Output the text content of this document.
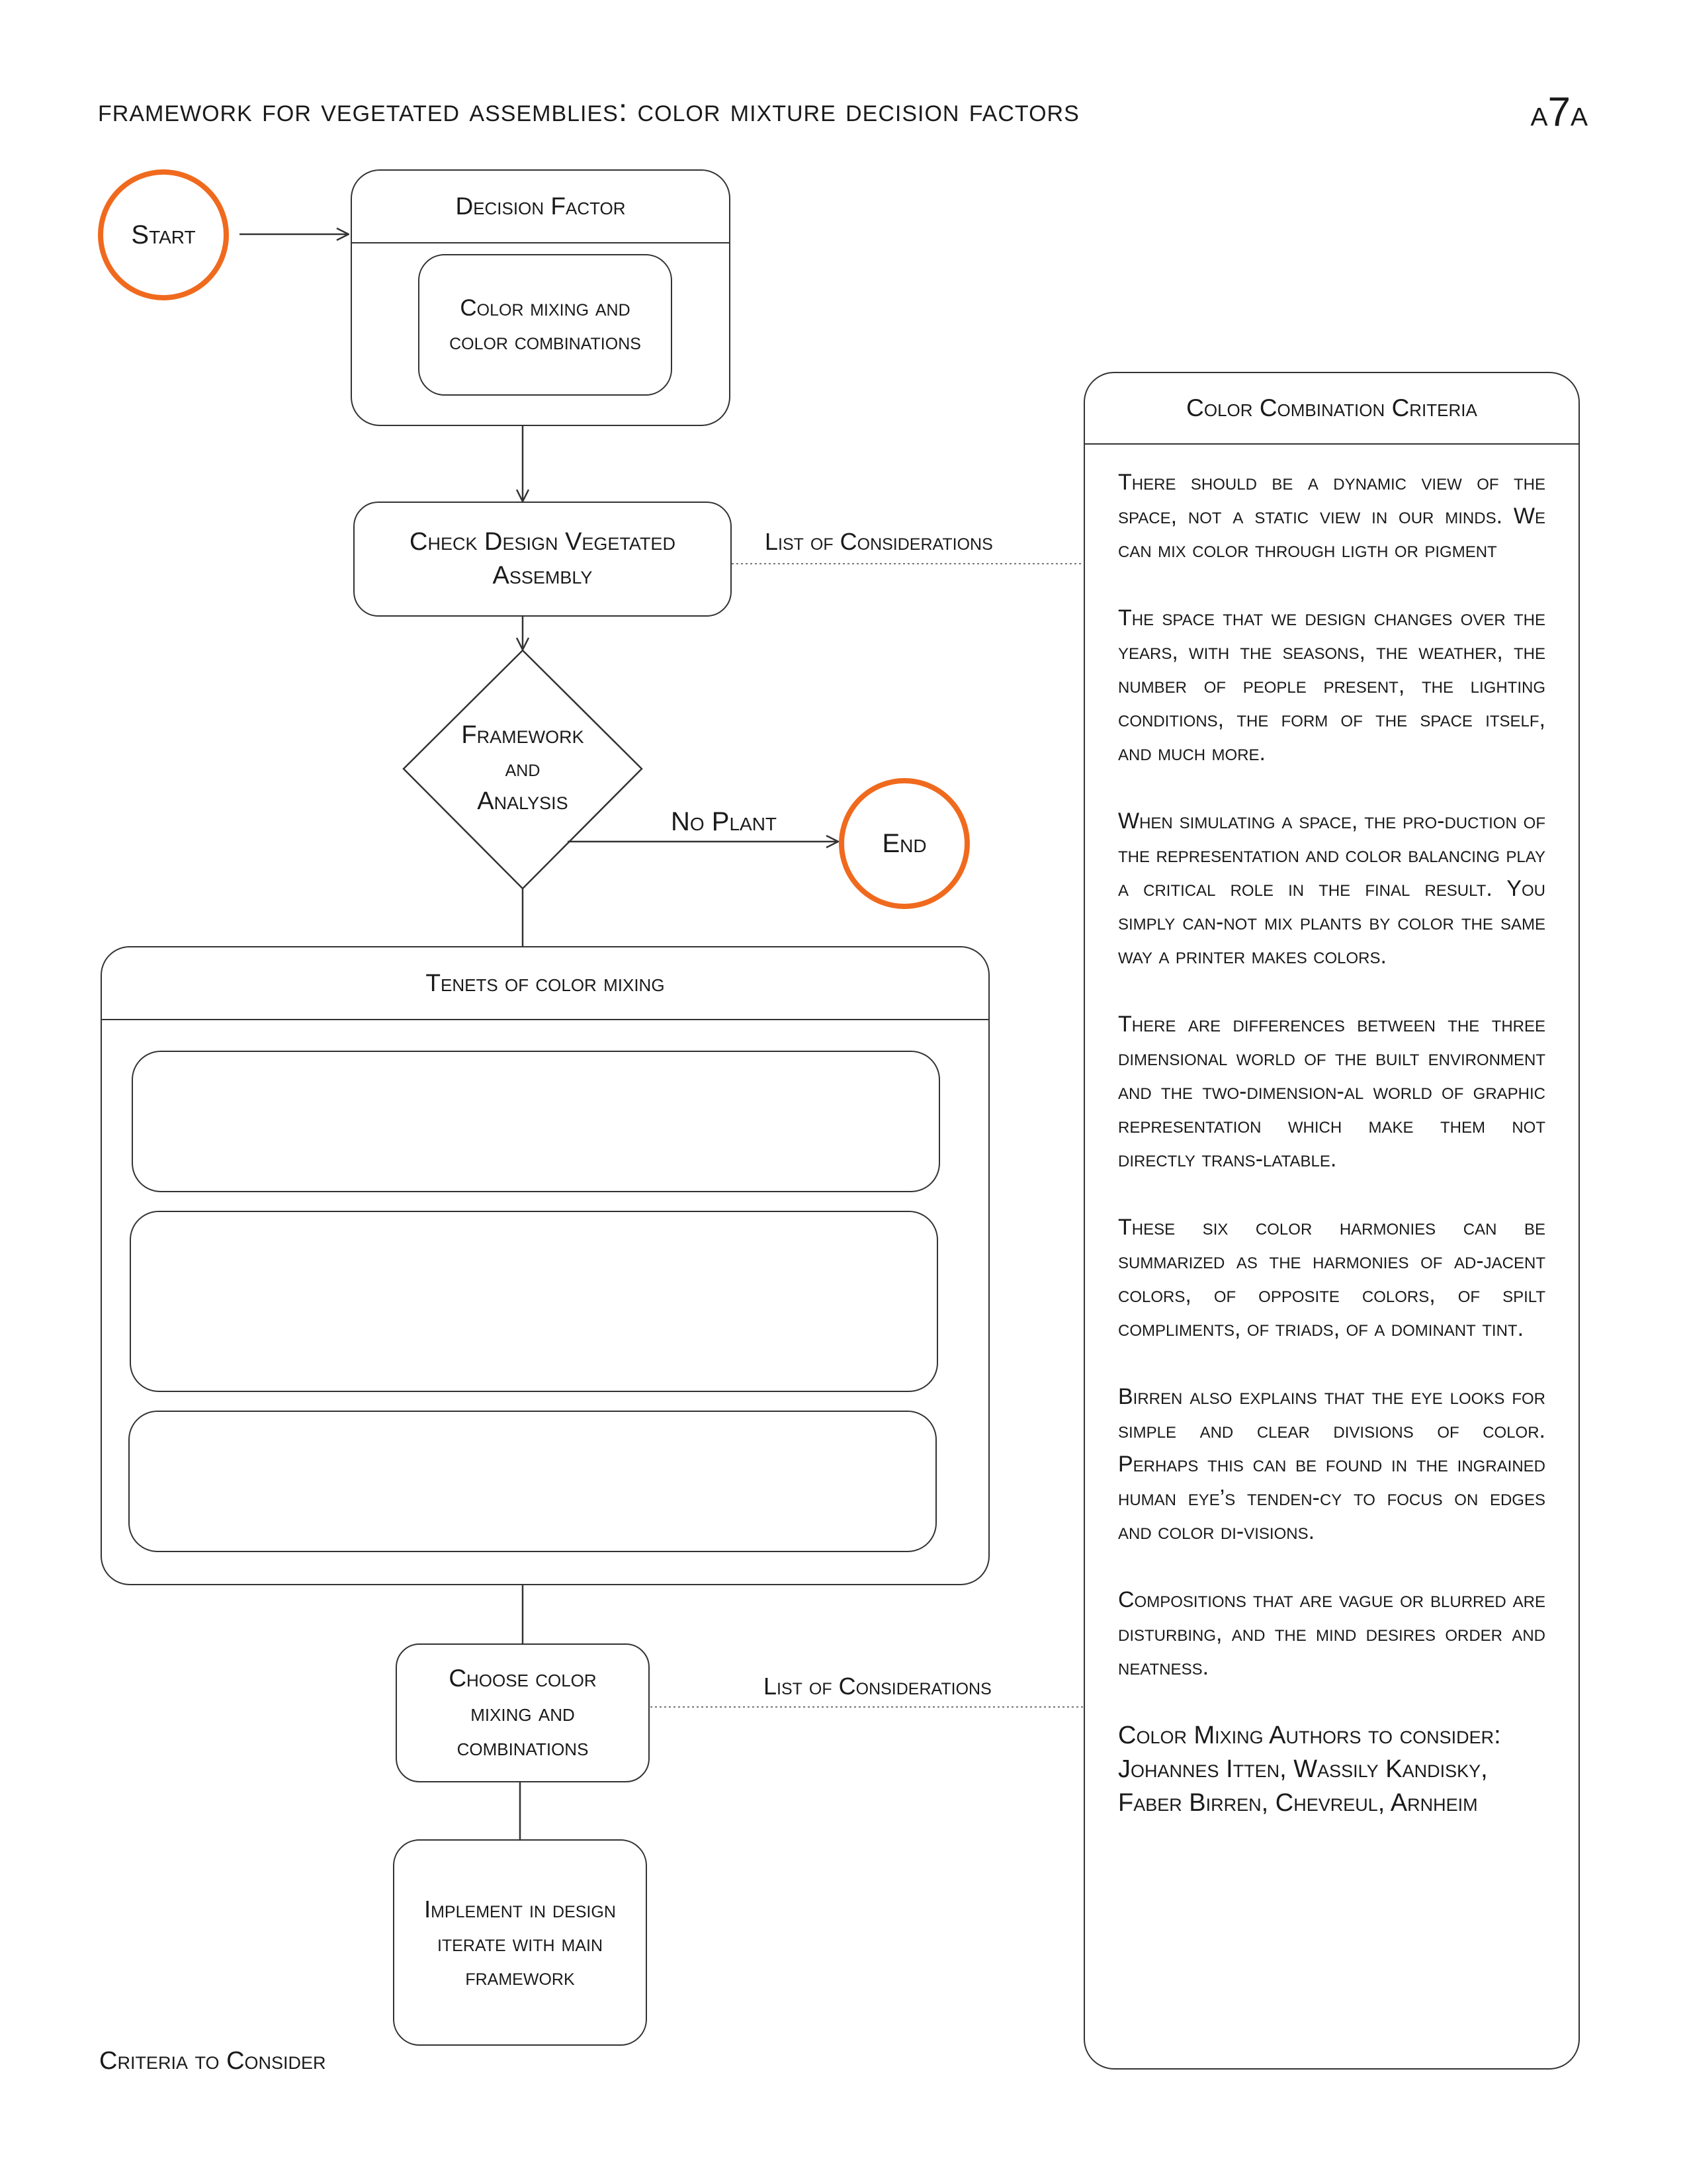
framework for vegetated assemblies: color mixture decision factors	a7a
Start
Decision Factor
Color mixing and color combinations
Check Design Vegetated Assembly
List of Considerations
Framework
and
Analysis
No Plant
End
Tenets of color mixing
Choose color mixing and combinations
List of Considerations
Implement in design
iterate with main framework
Color Combination Criteria

There should be a dynamic view of the space, not a static view in our minds. We can mix color through ligth or pigment

The space that we design changes over the years, with the seasons, the weather, the number of people present, the lighting conditions, the form of the space itself, and much more.

When simulating a space, the pro-duction of the representation and color balancing play a critical role in the final result. You simply can-not mix plants by color the same way a printer makes colors.

There are differences between the three dimensional world of the built environment and the two-dimension-al world of graphic representation which make them not directly trans-latable.

These six color harmonies can be summarized as the harmonies of ad-jacent colors, of opposite colors, of spilt compliments, of triads, of a dominant tint.

Birren also explains that the eye looks for simple and clear divisions of color. Perhaps this can be found in the ingrained human eye’s tenden-cy to focus on edges and color di-visions.

Compositions that are vague or blurred are disturbing, and the mind desires order and neatness.

Color Mixing Authors to consider:

Johannes Itten, Wassily Kandisky, Faber Birren, Chevreul, Arnheim

Criteria to Consider
